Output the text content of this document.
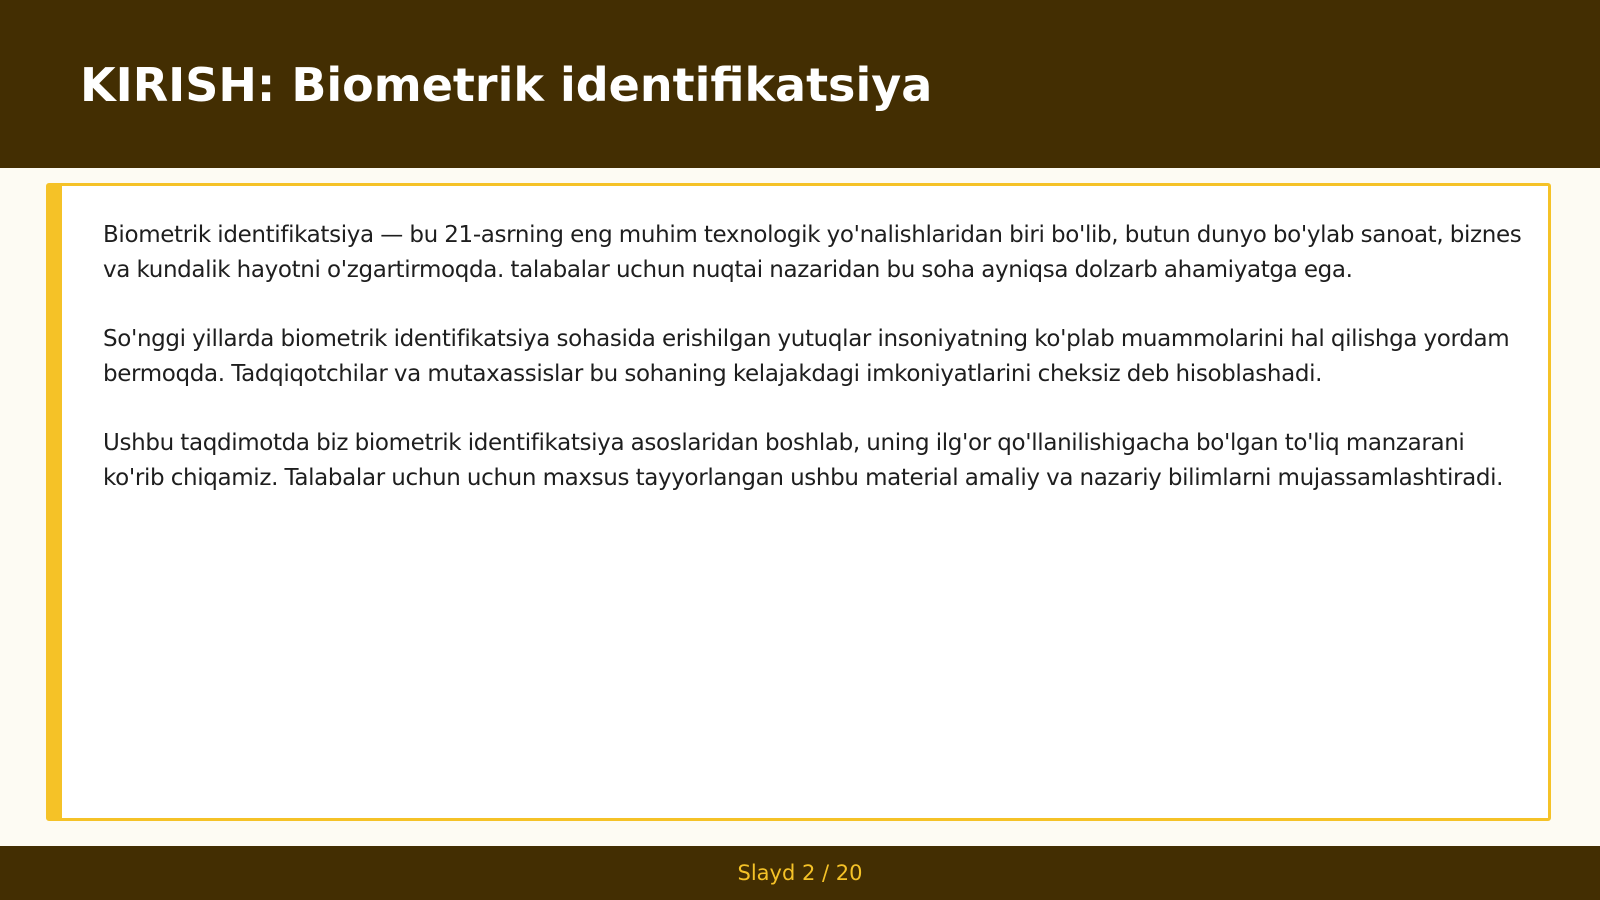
KIRISH: Biometrik identifikatsiya

Biometrik identifikatsiya — bu 21-asrning eng muhim texnologik yo'nalishlaridan biri bo'lib, butun dunyo bo'ylab sanoat, biznes va kundalik hayotni o'zgartirmoqda. talabalar uchun nuqtai nazaridan bu soha ayniqsa dolzarb ahamiyatga ega.

So'nggi yillarda biometrik identifikatsiya sohasida erishilgan yutuqlar insoniyatning ko'plab muammolarini hal qilishga yordam bermoqda. Tadqiqotchilar va mutaxassislar bu sohaning kelajakdagi imkoniyatlarini cheksiz deb hisoblashadi.

Ushbu taqdimotda biz biometrik identifikatsiya asoslaridan boshlab, uning ilg'or qo'llanilishigacha bo'lgan to'liq manzarani ko'rib chiqamiz. Talabalar uchun uchun maxsus tayyorlangan ushbu material amaliy va nazariy bilimlarni mujassamlashtiradi.

Slayd 2 / 20
